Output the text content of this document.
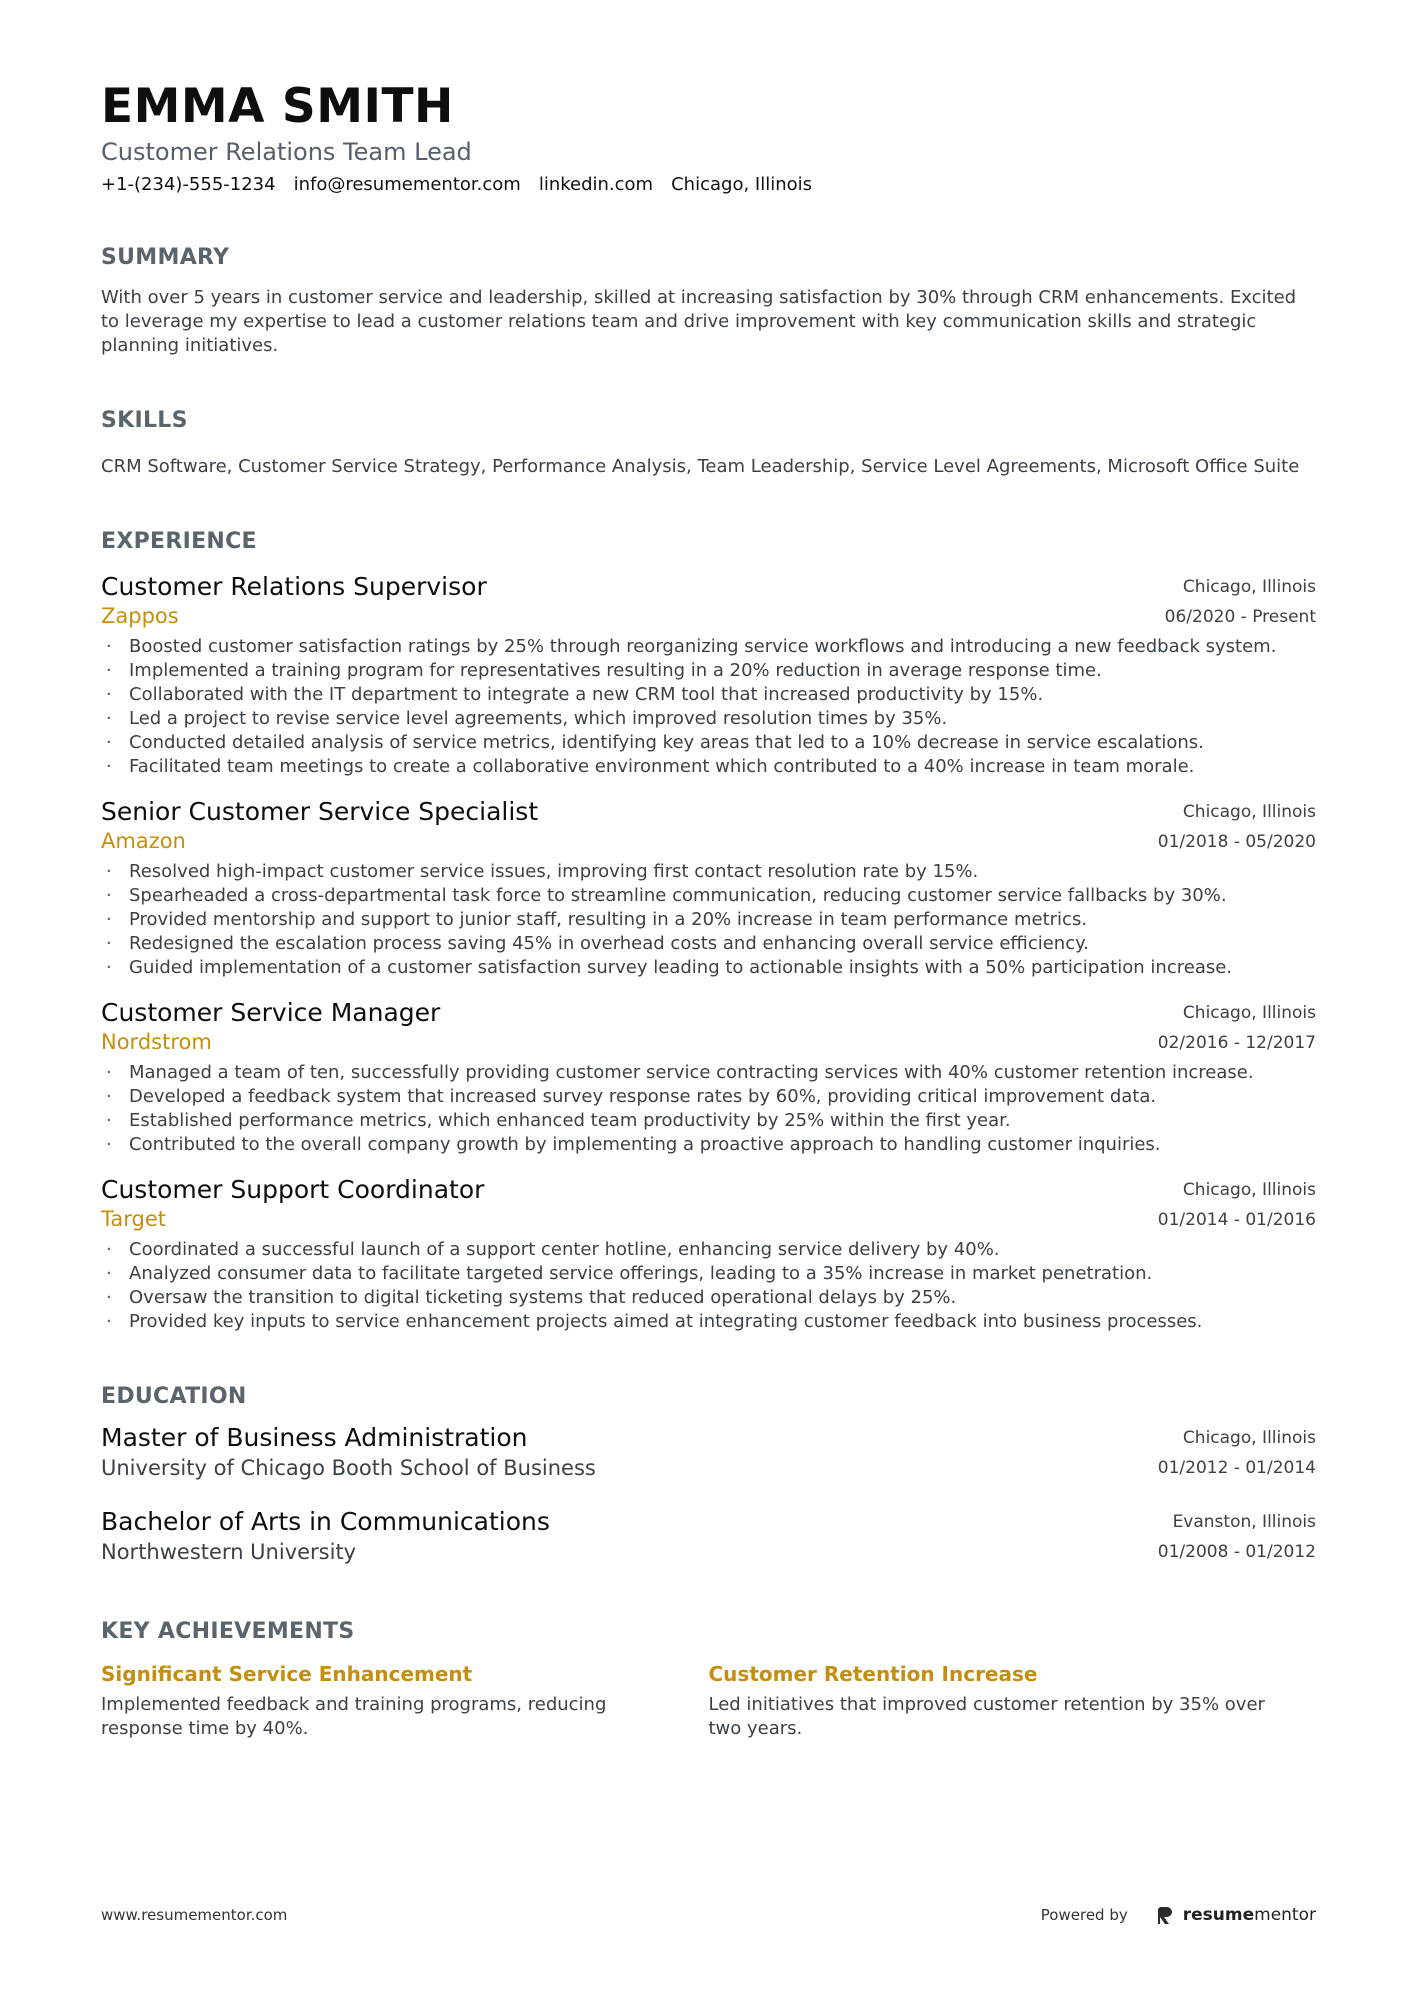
EMMA SMITH
Customer Relations Team Lead
+1-(234)-555-1234 info@resumementor.com linkedin.com Chicago, Illinois
SUMMARY
With over 5 years in customer service and leadership, skilled at increasing satisfaction by 30% through CRM enhancements. Excited to leverage my expertise to lead a customer relations team and drive improvement with key communication skills and strategic planning initiatives.
SKILLS
CRM Software, Customer Service Strategy, Performance Analysis, Team Leadership, Service Level Agreements, Microsoft Office Suite
EXPERIENCE
Customer Relations Supervisor
Zappos
Chicago, Illinois
06/2020 - Present
· Boosted customer satisfaction ratings by 25% through reorganizing service workflows and introducing a new feedback system.
· Implemented a training program for representatives resulting in a 20% reduction in average response time.
· Collaborated with the IT department to integrate a new CRM tool that increased productivity by 15%.
· Led a project to revise service level agreements, which improved resolution times by 35%.
· Conducted detailed analysis of service metrics, identifying key areas that led to a 10% decrease in service escalations.
· Facilitated team meetings to create a collaborative environment which contributed to a 40% increase in team morale.
Senior Customer Service Specialist
Amazon
Chicago, Illinois
01/2018 - 05/2020
· Resolved high-impact customer service issues, improving first contact resolution rate by 15%.
· Spearheaded a cross-departmental task force to streamline communication, reducing customer service fallbacks by 30%.
· Provided mentorship and support to junior staff, resulting in a 20% increase in team performance metrics.
· Redesigned the escalation process saving 45% in overhead costs and enhancing overall service efficiency.
· Guided implementation of a customer satisfaction survey leading to actionable insights with a 50% participation increase.
Customer Service Manager
Nordstrom
Chicago, Illinois
02/2016 - 12/2017
· Managed a team of ten, successfully providing customer service contracting services with 40% customer retention increase.
· Developed a feedback system that increased survey response rates by 60%, providing critical improvement data.
· Established performance metrics, which enhanced team productivity by 25% within the first year.
· Contributed to the overall company growth by implementing a proactive approach to handling customer inquiries.
Customer Support Coordinator
Target
Chicago, Illinois
01/2014 - 01/2016
· Coordinated a successful launch of a support center hotline, enhancing service delivery by 40%.
· Analyzed consumer data to facilitate targeted service offerings, leading to a 35% increase in market penetration.
· Oversaw the transition to digital ticketing systems that reduced operational delays by 25%.
· Provided key inputs to service enhancement projects aimed at integrating customer feedback into business processes.
EDUCATION
Master of Business Administration
University of Chicago Booth School of Business
Chicago, Illinois
01/2012 - 01/2014
Bachelor of Arts in Communications
Northwestern University
Evanston, Illinois
01/2008 - 01/2012
KEY ACHIEVEMENTS
Significant Service Enhancement
Implemented feedback and training programs, reducing response time by 40%.
Customer Retention Increase
Led initiatives that improved customer retention by 35% over two years.
www.resumementor.com	Powered by	resumementor
